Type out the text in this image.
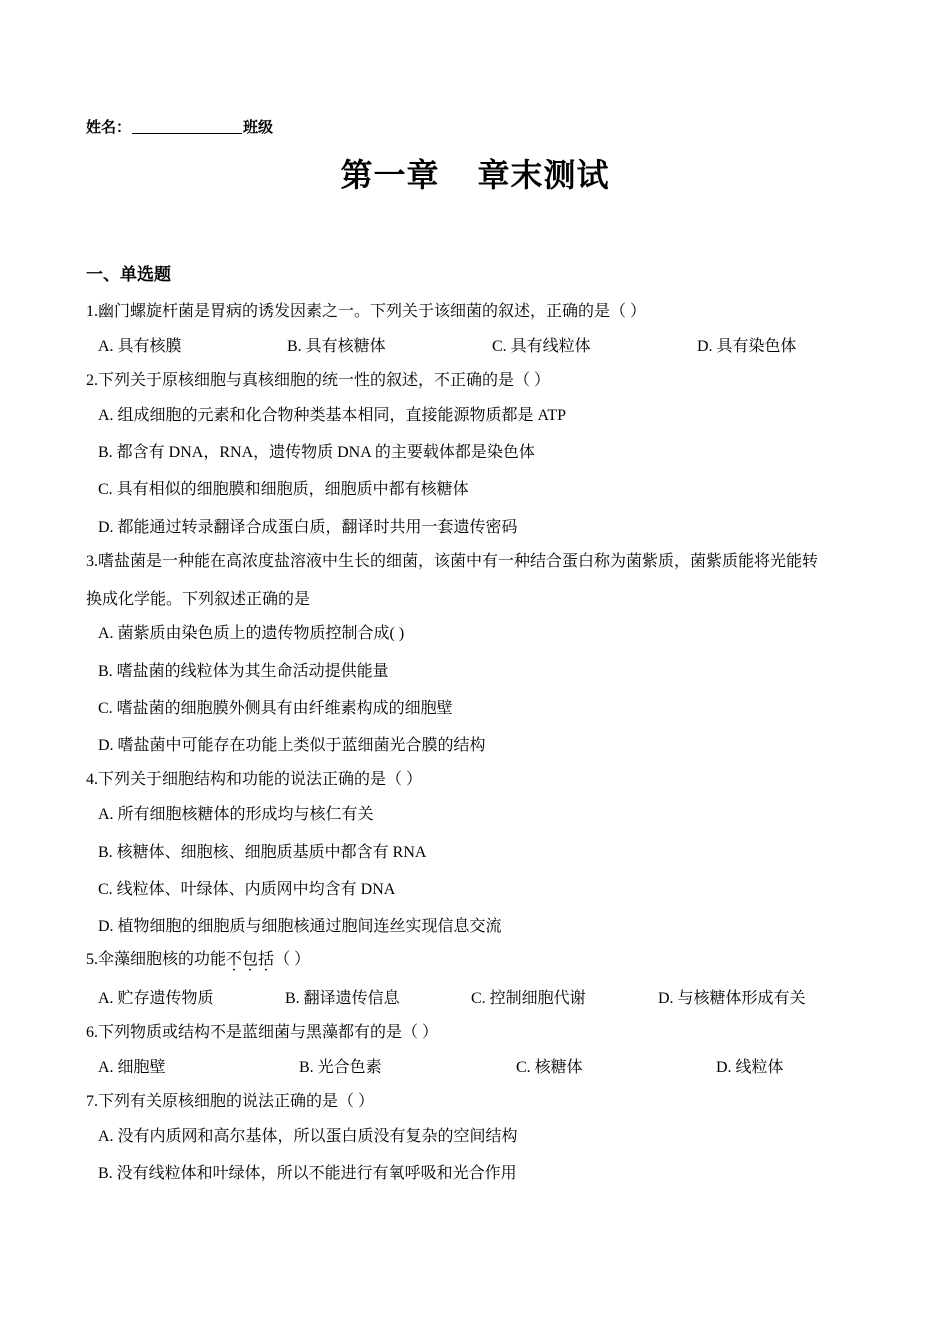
姓名：	班级
第一章 章末测试
一、单选题
1.幽门螺旋杆菌是胃病的诱发因素之一。下列关于该细菌的叙述，正确的是（ ）
A. 具有核膜	B. 具有核糖体	C. 具有线粒体	D. 具有染色体
2.下列关于原核细胞与真核细胞的统一性的叙述，不正确的是（ ）
A. 组成细胞的元素和化合物种类基本相同，直接能源物质都是 ATP
B. 都含有 DNA，RNA，遗传物质 DNA 的主要载体都是染色体
C. 具有相似的细胞膜和细胞质，细胞质中都有核糖体
D. 都能通过转录翻译合成蛋白质，翻译时共用一套遗传密码
3.嗜盐菌是一种能在高浓度盐溶液中生长的细菌，该菌中有一种结合蛋白称为菌紫质，菌紫质能将光能转
换成化学能。下列叙述正确的是
A. 菌紫质由染色质上的遗传物质控制合成( )
B. 嗜盐菌的线粒体为其生命活动提供能量
C. 嗜盐菌的细胞膜外侧具有由纤维素构成的细胞壁
D. 嗜盐菌中可能存在功能上类似于蓝细菌光合膜的结构
4.下列关于细胞结构和功能的说法正确的是（ ）
A. 所有细胞核糖体的形成均与核仁有关
B. 核糖体、细胞核、细胞质基质中都含有 RNA
C. 线粒体、叶绿体、内质网中均含有 DNA
D. 植物细胞的细胞质与细胞核通过胞间连丝实现信息交流
5.伞藻细胞核的功能不包括（ ）
A. 贮存遗传物质	B. 翻译遗传信息	C. 控制细胞代谢	D. 与核糖体形成有关
6.下列物质或结构不是蓝细菌与黑藻都有的是（ ）
A. 细胞壁	B. 光合色素	C. 核糖体	D. 线粒体
7.下列有关原核细胞的说法正确的是（ ）
A. 没有内质网和高尔基体，所以蛋白质没有复杂的空间结构
B. 没有线粒体和叶绿体，所以不能进行有氧呼吸和光合作用
